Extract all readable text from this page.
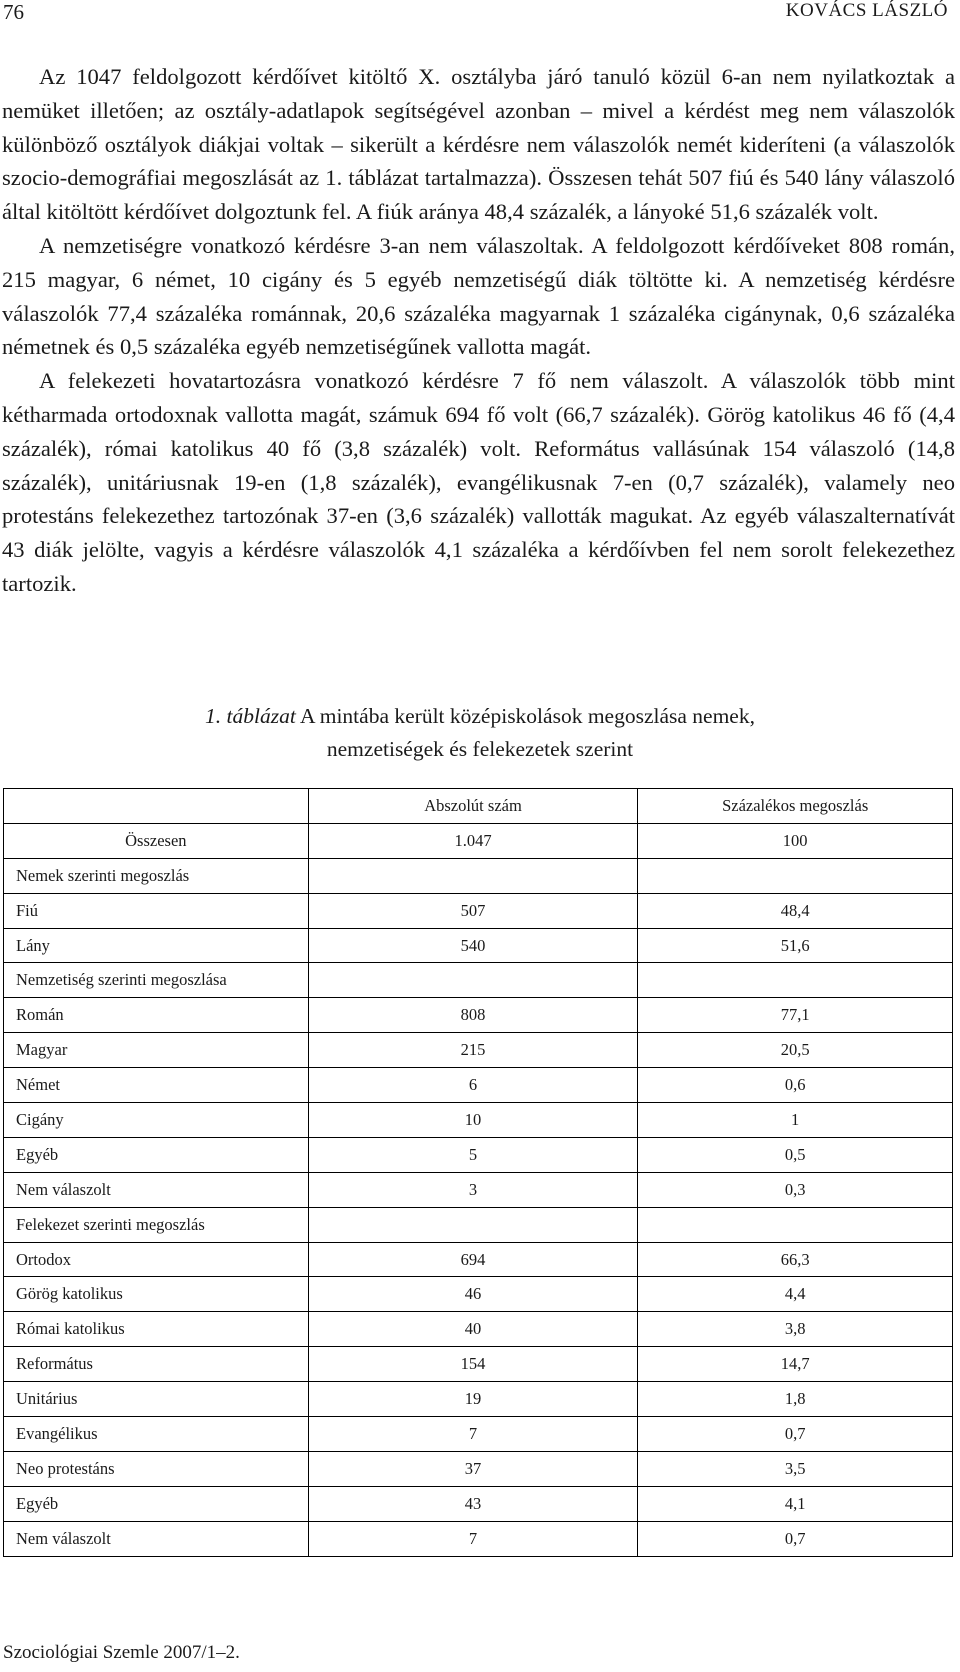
76	KOVÁCS LÁSZLÓ

Az 1047 feldolgozott kérdőívet kitöltő X. osztályba járó tanuló közül 6-an nem nyilatkoztak a nemüket illetően; az osztály-adatlapok segítségével azonban – mivel a kérdést meg nem válaszolók különböző osztályok diákjai voltak – sikerült a kérdésre nem válaszolók nemét kideríteni (a válaszolók szocio-demográfiai megoszlását az 1. táblázat tartalmazza). Összesen tehát 507 fiú és 540 lány válaszoló által kitöltött kérdőívet dolgoztunk fel. A fiúk aránya 48,4 százalék, a lányoké 51,6 százalék volt.

A nemzetiségre vonatkozó kérdésre 3-an nem válaszoltak. A feldolgozott kérdőíveket 808 román, 215 magyar, 6 német, 10 cigány és 5 egyéb nemzetiségű diák töltötte ki. A nemzetiség kérdésre válaszolók 77,4 százaléka románnak, 20,6 százaléka magyarnak 1 százaléka cigánynak, 0,6 százaléka németnek és 0,5 százaléka egyéb nemzetiségűnek vallotta magát.

A felekezeti hovatartozásra vonatkozó kérdésre 7 fő nem válaszolt. A válaszolók több mint kétharmada ortodoxnak vallotta magát, számuk 694 fő volt (66,7 százalék). Görög katolikus 46 fő (4,4 százalék), római katolikus 40 fő (3,8 százalék) volt. Református vallásúnak 154 válaszoló (14,8 százalék), unitáriusnak 19-en (1,8 százalék), evangélikusnak 7-en (0,7 százalék), valamely neo protestáns felekezethez tartozónak 37-en (3,6 százalék) vallották magukat. Az egyéb válaszalternatívát 43 diák jelölte, vagyis a kérdésre válaszolók 4,1 százaléka a kérdőívben fel nem sorolt felekezethez tartozik.

1. táblázat A mintába került középiskolások megoszlása nemek,
nemzetiségek és felekezetek szerint
	Abszolút szám	Százalékos megoszlás
Összesen	1.047	100
Nemek szerinti megoszlás		
Fiú	507	48,4
Lány	540	51,6
Nemzetiség szerinti megoszlása		
Román	808	77,1
Magyar	215	20,5
Német	6	0,6
Cigány	10	1
Egyéb	5	0,5
Nem válaszolt	3	0,3
Felekezet szerinti megoszlás		
Ortodox	694	66,3
Görög katolikus	46	4,4
Római katolikus	40	3,8
Református	154	14,7
Unitárius	19	1,8
Evangélikus	7	0,7
Neo protestáns	37	3,5
Egyéb	43	4,1
Nem válaszolt	7	0,7
Szociológiai Szemle 2007/1–2.
